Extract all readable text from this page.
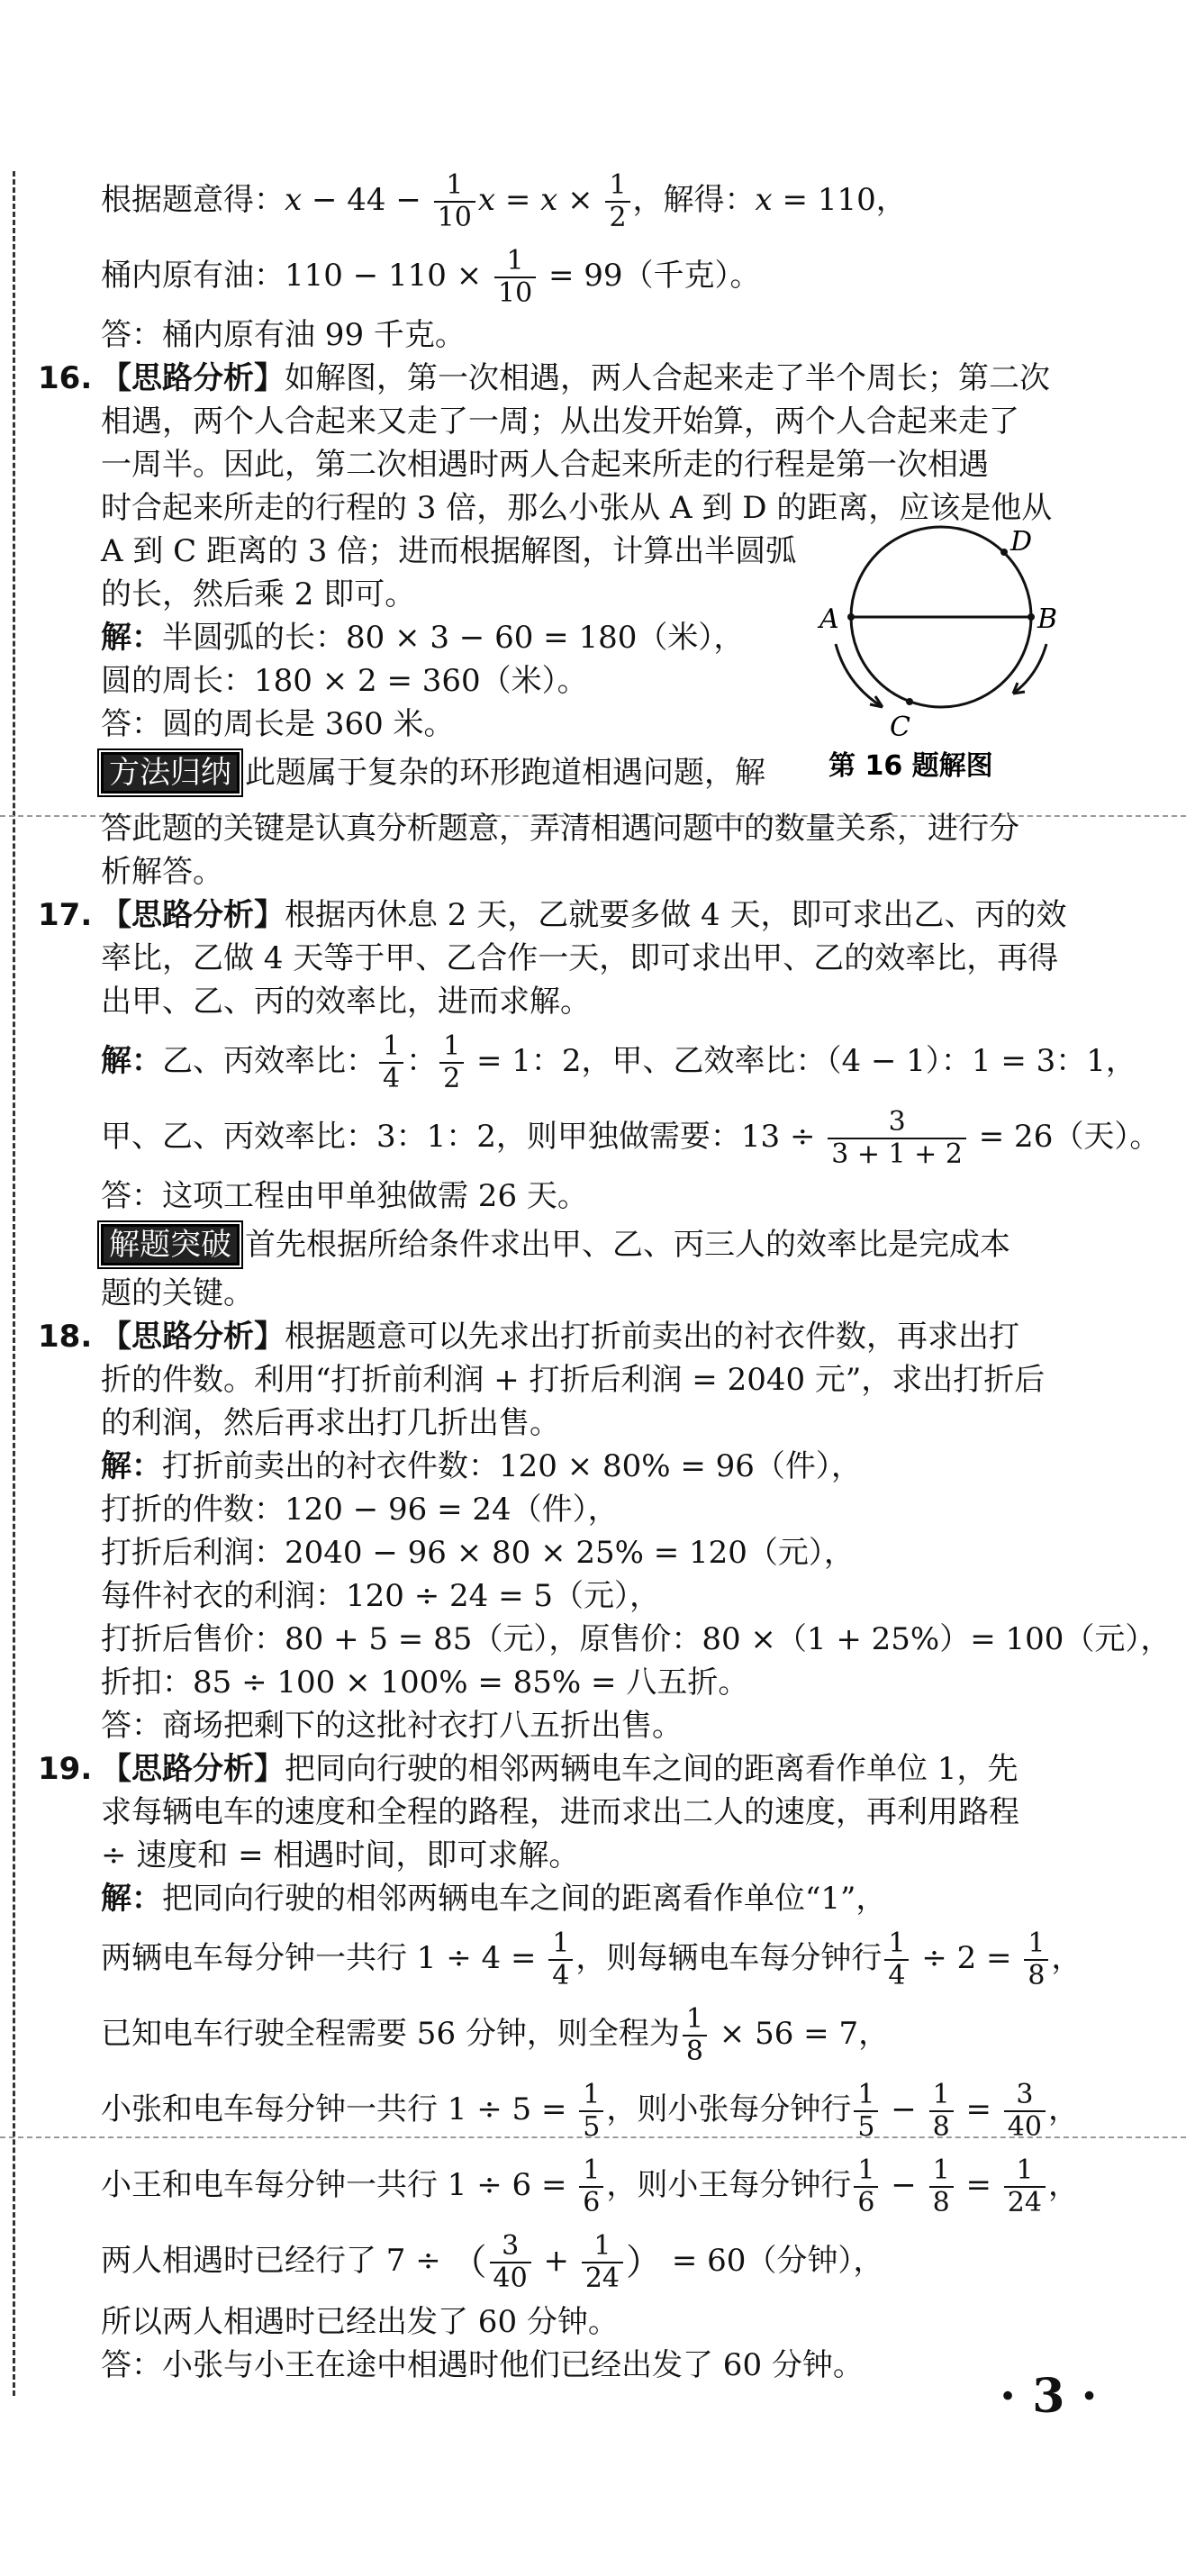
根据题意得：$x - 44 - \frac{1}{10}$ $x = x \times \frac{1}{2}$ ，解得：x = 110，
桶内原有油：$110 - 110 \times \frac{1}{10} = 99$（千克）。
答：桶内原有油 99 千克。
16. 【思路分析】如解图，第一次相遇，两人合起来走了半个周长；第二次
相遇，两个人合起来又走了一周；从出发开始算，两个人合起来走了
一周半。因此，第二次相遇时两人合起来所走的行程是第一次相遇
时合起来所走的行程的 3 倍，那么小张从 A 到 D 的距离，应该是他从
A 到 C 距离的 3 倍；进而根据解图，计算出半圆弧
的长，然后乘 2 即可。
解：半圆弧的长：80 × 3 − 60 = 180（米），
圆的周长：180 × 2 = 360（米）。
答：圆的周长是 360 米。
方法归纳 此题属于复杂的环形跑道相遇问题，解
答此题的关键是认真分析题意，弄清相遇问题中的数量关系，进行分
析解答。
17. 【思路分析】根据丙休息 2 天，乙就要多做 4 天，即可求出乙、丙的效
率比，乙做 4 天等于甲、乙合作一天，即可求出甲、乙的效率比，再得
出甲、乙、丙的效率比，进而求解。
解：乙、丙效率比： $\frac{1}{4}$ ： $\frac{1}{2} = 1$：2，甲、乙效率比：（4 − 1）：1 = 3：1，
甲、乙、丙效率比：3：1：2，则甲独做需要：$13 \div \frac{3}{3 + 1 + 2} = 26$（天）。
答：这项工程由甲单独做需 26 天。
解题突破 首先根据所给条件求出甲、乙、丙三人的效率比是完成本
题的关键。
18. 【思路分析】根据题意可以先求出打折前卖出的衬衣件数，再求出打
折的件数。利用“打折前利润 + 打折后利润 = 2040 元”，求出打折后
的利润，然后再求出打几折出售。
解：打折前卖出的衬衣件数：120 × 80% = 96（件），
打折的件数：120 − 96 = 24（件），
打折后利润：2040 − 96 × 80 × 25% = 120（元），
每件衬衣的利润：120 ÷ 24 = 5（元），
打折后售价：80 + 5 = 85（元），原售价：80 ×（1 + 25%）= 100（元），
折扣：85 ÷ 100 × 100% = 85% = 八五折。
答：商场把剩下的这批衬衣打八五折出售。
19. 【思路分析】把同向行驶的相邻两辆电车之间的距离看作单位 1，先
求每辆电车的速度和全程的路程，进而求出二人的速度，再利用路程
÷ 速度和 = 相遇时间，即可求解。
解：把同向行驶的相邻两辆电车之间的距离看作单位“1”，
两辆电车每分钟一共行 $1 \div 4 = \frac{1}{4}$ ，则每辆电车每分钟行 $\frac{1}{4} \div 2 = \frac{1}{8}$ ，
已知电车行驶全程需要 56 分钟，则全程为 $\frac{1}{8} \times 56 = 7$，
小张和电车每分钟一共行 $1 \div 5 = \frac{1}{5}$ ，则小张每分钟行 $\frac{1}{5} - \frac{1}{8} = \frac{3}{40}$ ，
小王和电车每分钟一共行 $1 \div 6 = \frac{1}{6}$ ，则小王每分钟行 $\frac{1}{6} - \frac{1}{8} = \frac{1}{24}$ ，
两人相遇时已经行了 7 ÷ （ $\frac{3}{40} + \frac{1}{24}$ ） = 60（分钟），
所以两人相遇时已经出发了 60 分钟。
答：小张与小王在途中相遇时他们已经出发了 60 分钟。
A	B
D
C
第 16 题解图
· 3 ·
